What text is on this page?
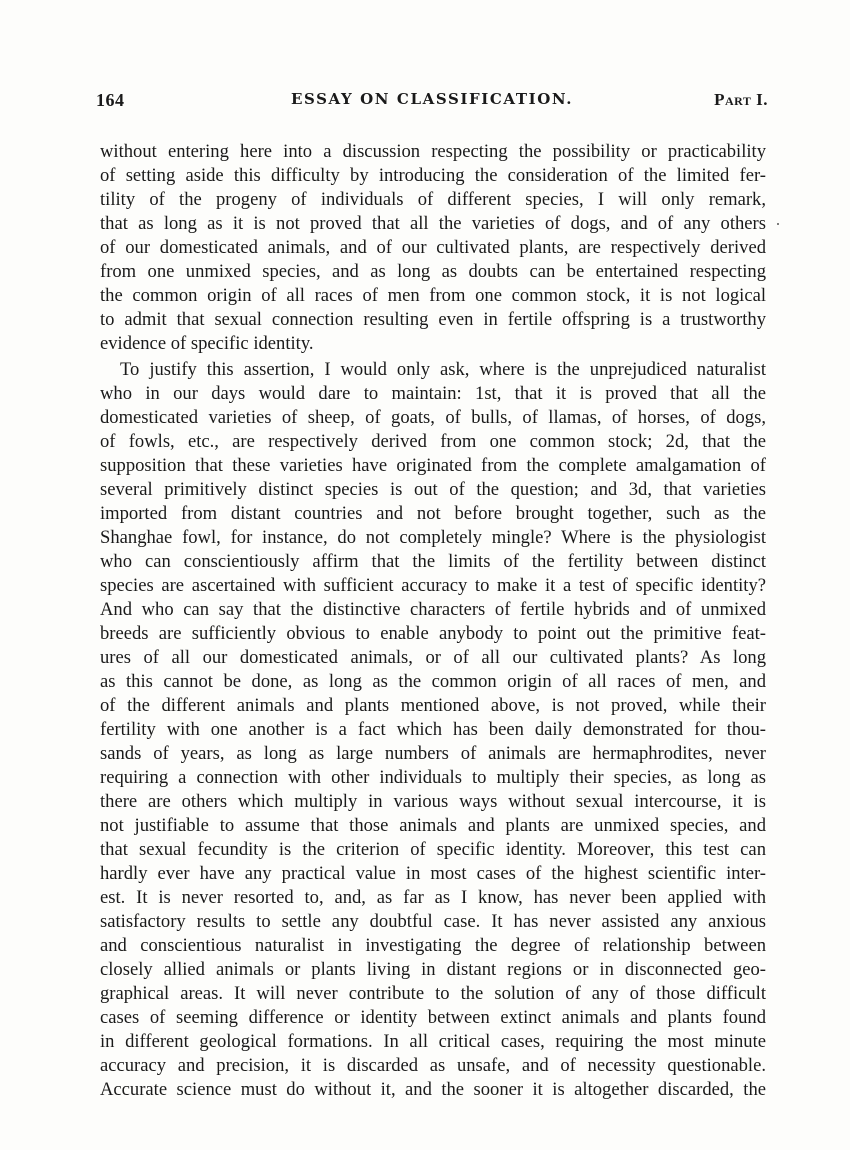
164	ESSAY ON CLASSIFICATION.	Part I.
without entering here into a discussion respecting the possibility or practicability
of setting aside this difficulty by introducing the consideration of the limited fer-
tility of the progeny of individuals of different species, I will only remark,
that as long as it is not proved that all the varieties of dogs, and of any others
of our domesticated animals, and of our cultivated plants, are respectively derived
from one unmixed species, and as long as doubts can be entertained respecting
the common origin of all races of men from one common stock, it is not logical
to admit that sexual connection resulting even in fertile offspring is a trustworthy
evidence of specific identity.
To justify this assertion, I would only ask, where is the unprejudiced naturalist
who in our days would dare to maintain: 1st, that it is proved that all the
domesticated varieties of sheep, of goats, of bulls, of llamas, of horses, of dogs,
of fowls, etc., are respectively derived from one common stock; 2d, that the
supposition that these varieties have originated from the complete amalgamation of
several primitively distinct species is out of the question; and 3d, that varieties
imported from distant countries and not before brought together, such as the
Shanghae fowl, for instance, do not completely mingle? Where is the physiologist
who can conscientiously affirm that the limits of the fertility between distinct
species are ascertained with sufficient accuracy to make it a test of specific identity?
And who can say that the distinctive characters of fertile hybrids and of unmixed
breeds are sufficiently obvious to enable anybody to point out the primitive feat-
ures of all our domesticated animals, or of all our cultivated plants? As long
as this cannot be done, as long as the common origin of all races of men, and
of the different animals and plants mentioned above, is not proved, while their
fertility with one another is a fact which has been daily demonstrated for thou-
sands of years, as long as large numbers of animals are hermaphrodites, never
requiring a connection with other individuals to multiply their species, as long as
there are others which multiply in various ways without sexual intercourse, it is
not justifiable to assume that those animals and plants are unmixed species, and
that sexual fecundity is the criterion of specific identity. Moreover, this test can
hardly ever have any practical value in most cases of the highest scientific inter-
est. It is never resorted to, and, as far as I know, has never been applied with
satisfactory results to settle any doubtful case. It has never assisted any anxious
and conscientious naturalist in investigating the degree of relationship between
closely allied animals or plants living in distant regions or in disconnected geo-
graphical areas. It will never contribute to the solution of any of those difficult
cases of seeming difference or identity between extinct animals and plants found
in different geological formations. In all critical cases, requiring the most minute
accuracy and precision, it is discarded as unsafe, and of necessity questionable.
Accurate science must do without it, and the sooner it is altogether discarded, the
